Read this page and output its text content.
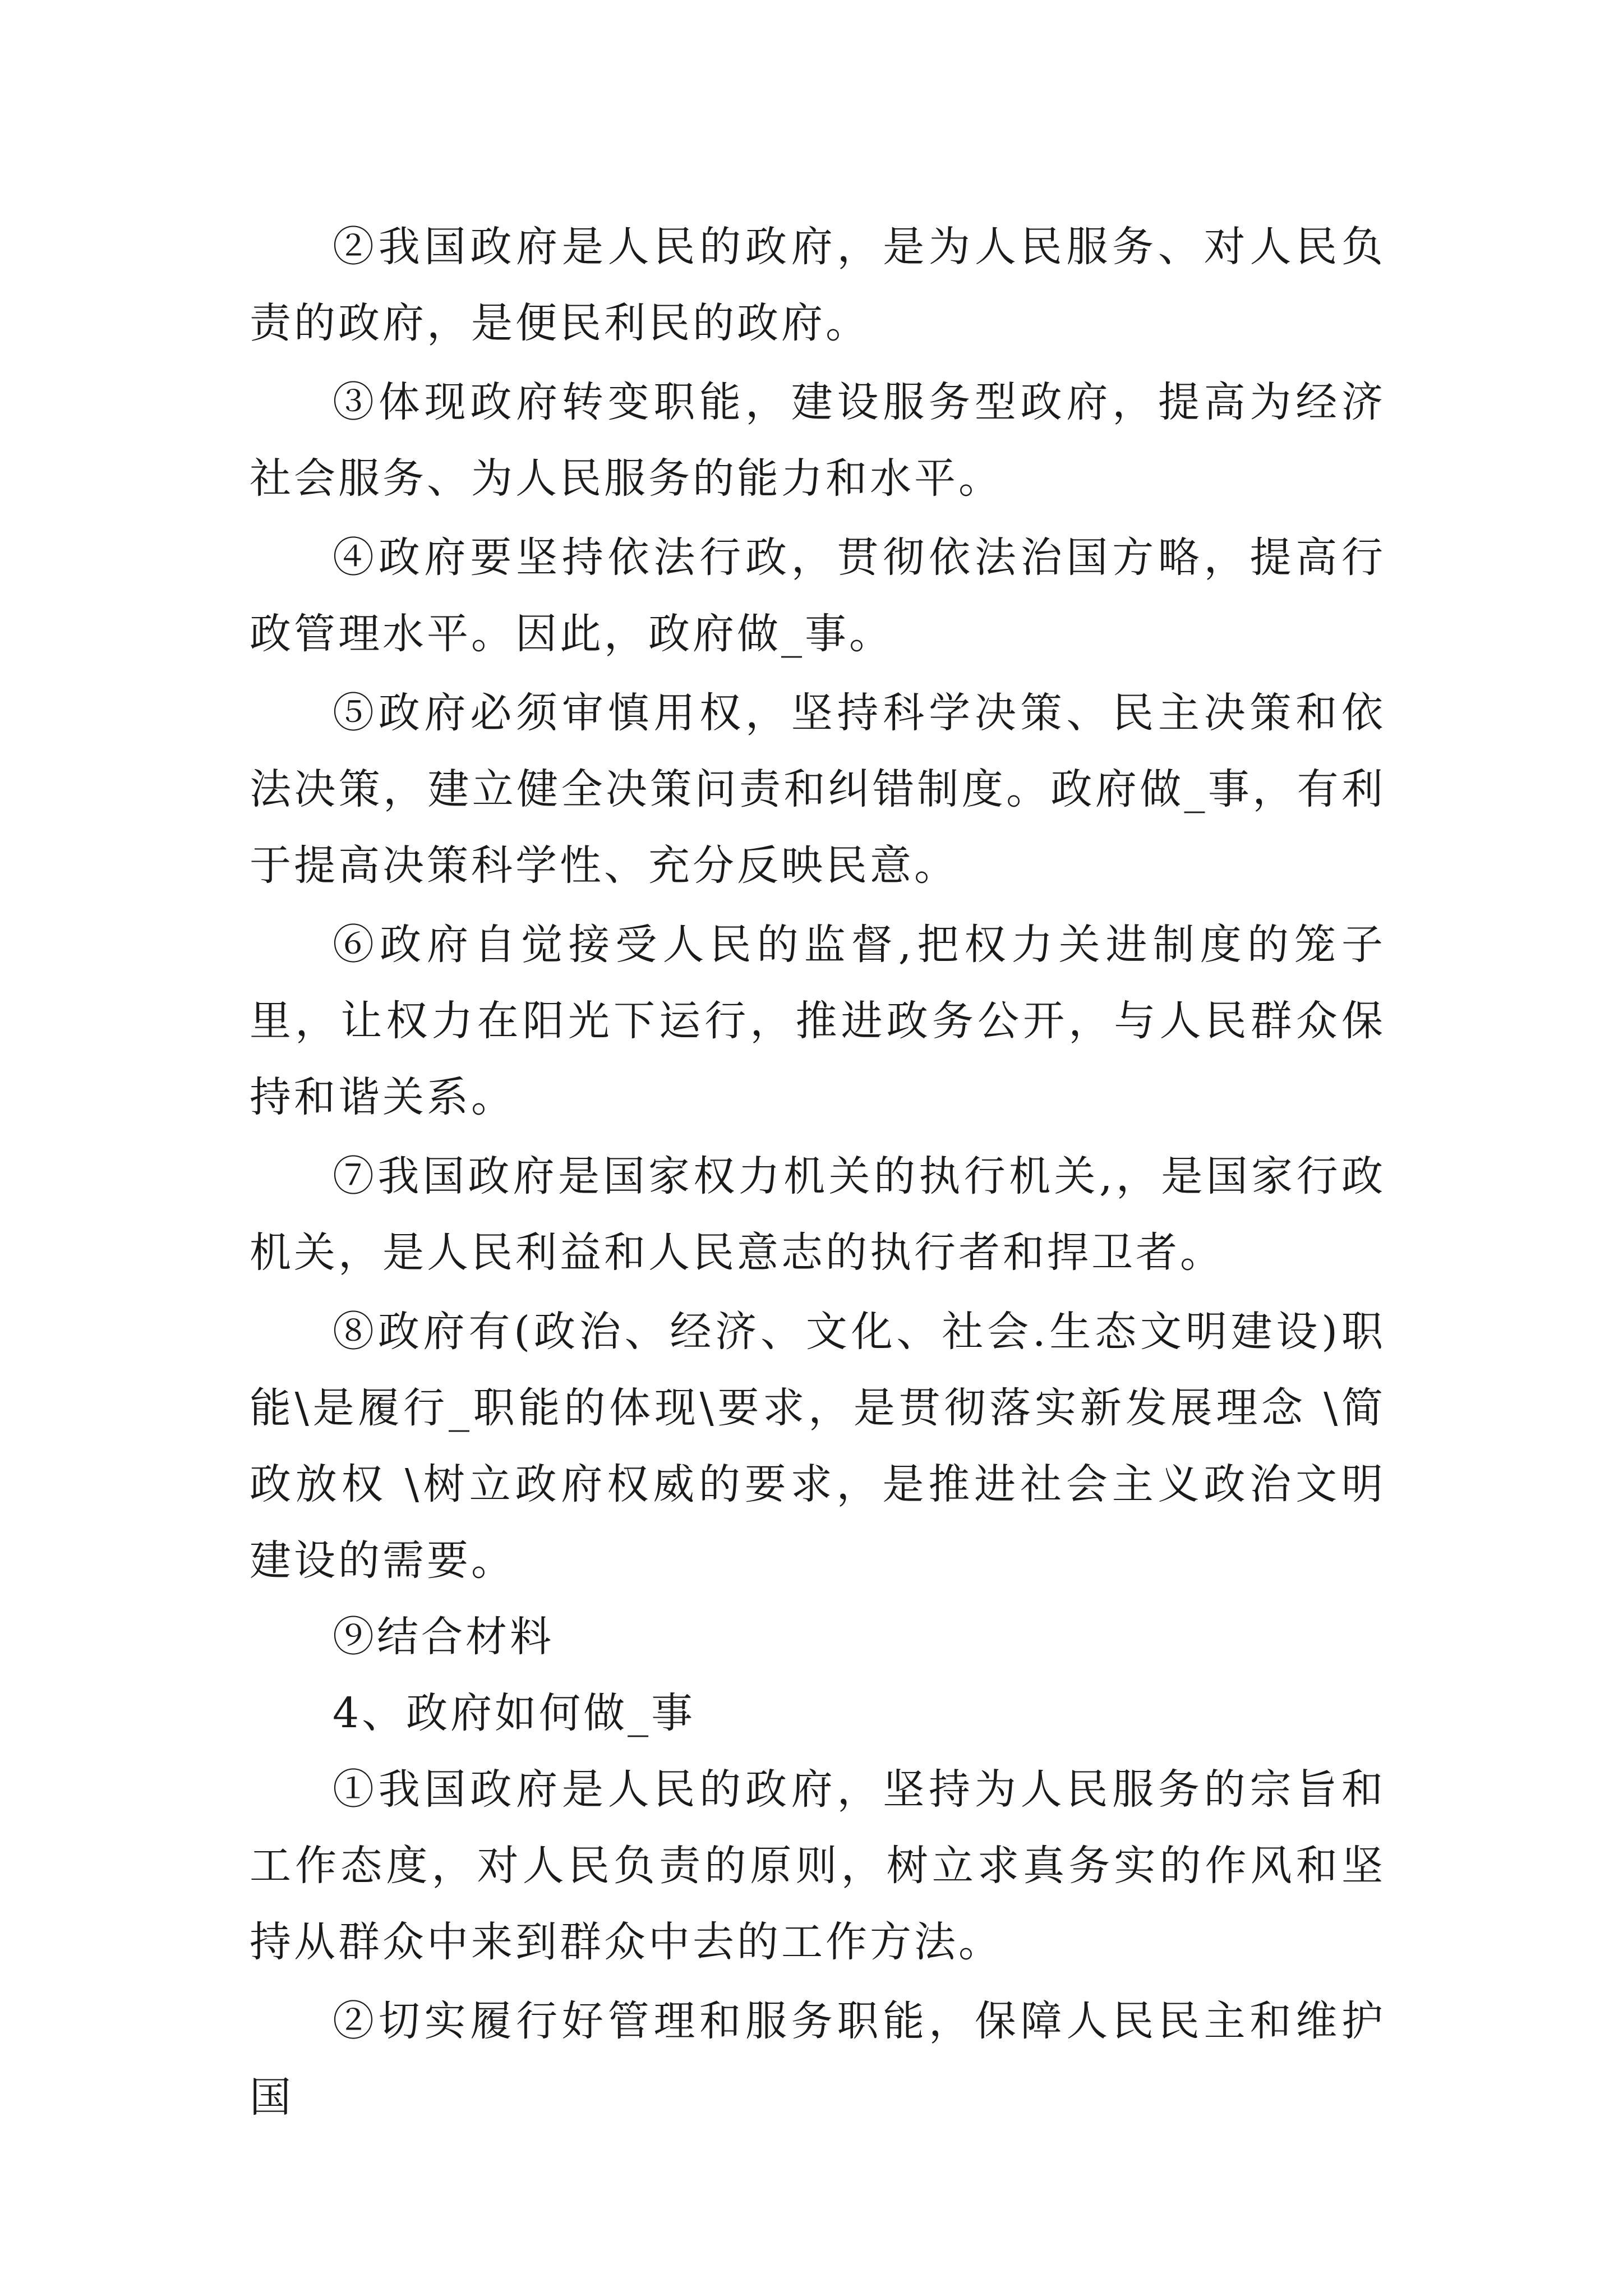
②我国政府是人民的政府，是为人民服务、对人民负责的政府，是便民利民的政府。

③体现政府转变职能，建设服务型政府，提高为经济社会服务、为人民服务的能力和水平。

④政府要坚持依法行政，贯彻依法治国方略，提高行政管理水平。因此，政府做_事。

⑤政府必须审慎用权，坚持科学决策、民主决策和依法决策，建立健全决策问责和纠错制度。政府做_事，有利于提高决策科学性、充分反映民意。

⑥政府自觉接受人民的监督,把权力关进制度的笼子里，让权力在阳光下运行，推进政务公开，与人民群众保持和谐关系。

⑦我国政府是国家权力机关的执行机关,，是国家行政机关，是人民利益和人民意志的执行者和捍卫者。

⑧政府有(政治、经济、文化、社会.生态文明建设)职能\是履行_职能的体现\要求，是贯彻落实新发展理念 \简政放权 \树立政府权威的要求，是推进社会主义政治文明建设的需要。

⑨结合材料

4、政府如何做_事

①我国政府是人民的政府，坚持为人民服务的宗旨和工作态度，对人民负责的原则，树立求真务实的作风和坚持从群众中来到群众中去的工作方法。

②切实履行好管理和服务职能，保障人民民主和维护国
